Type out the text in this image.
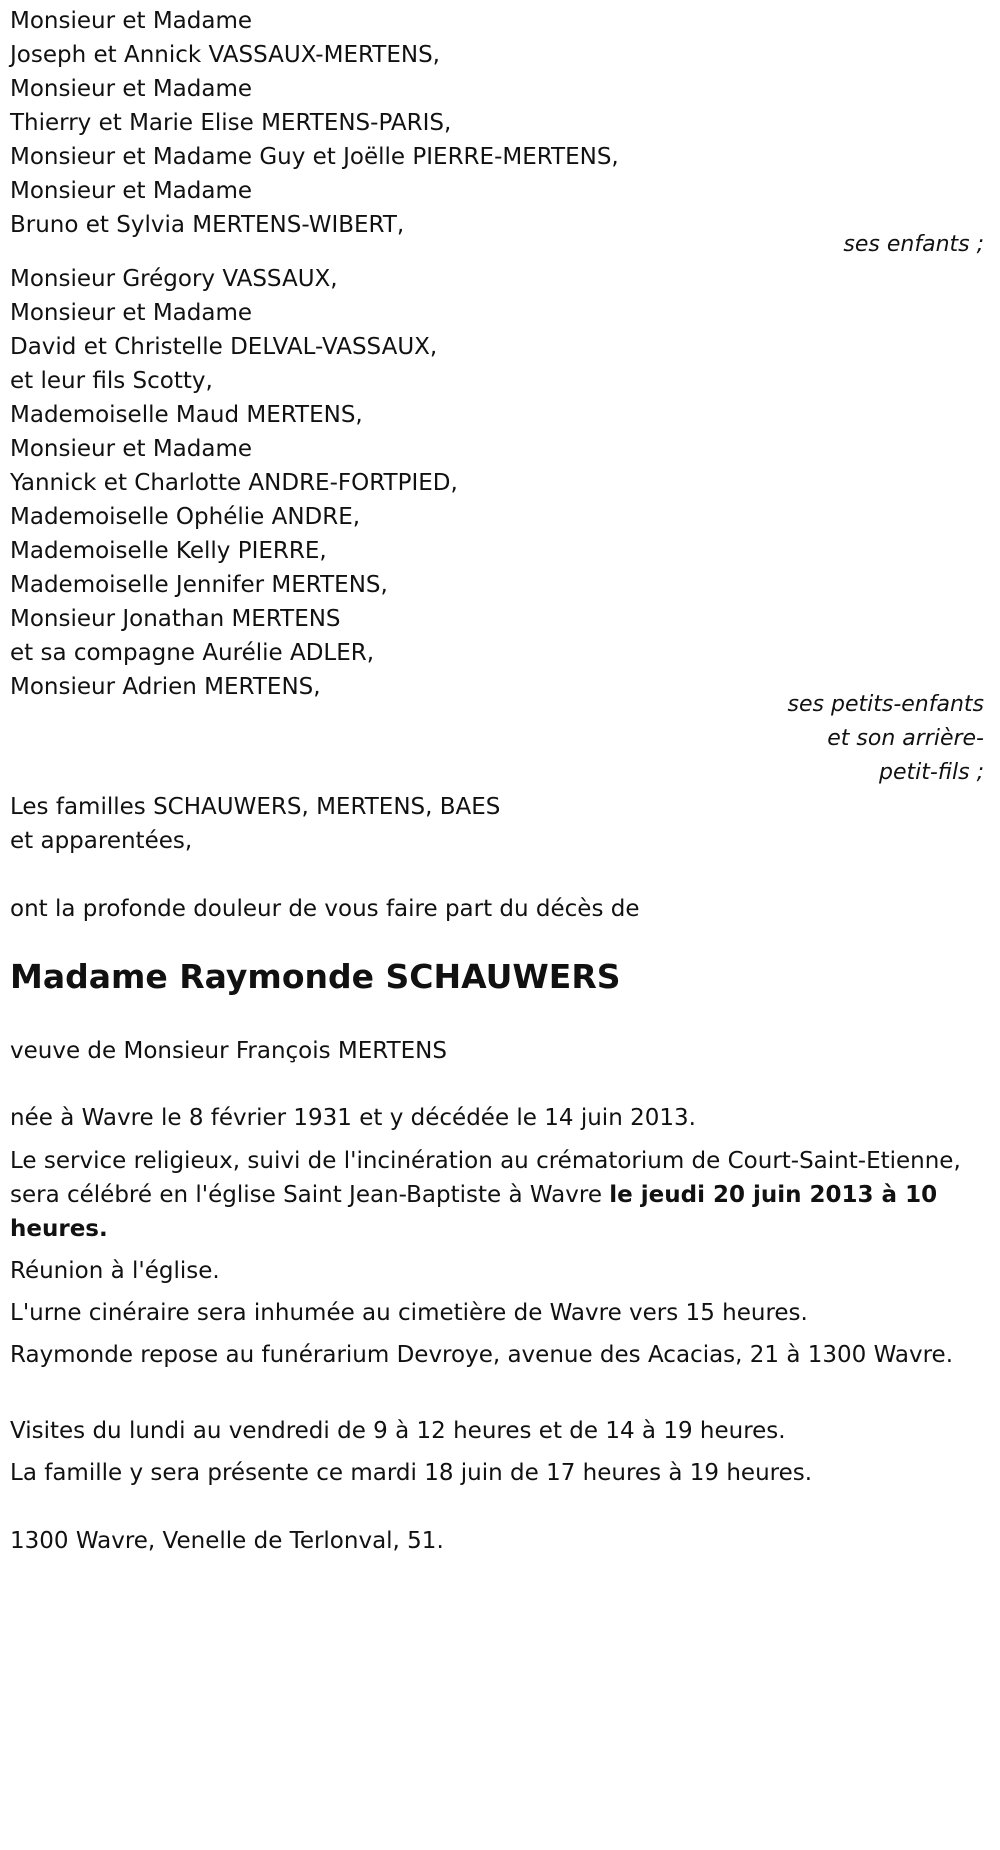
Monsieur et Madame
Joseph et Annick VASSAUX-MERTENS,
Monsieur et Madame
Thierry et Marie Elise MERTENS-PARIS,
Monsieur et Madame Guy et Joëlle PIERRE-MERTENS,
Monsieur et Madame
Bruno et Sylvia MERTENS-WIBERT,
ses enfants ;
Monsieur Grégory VASSAUX,
Monsieur et Madame
David et Christelle DELVAL-VASSAUX,
et leur fils Scotty,
Mademoiselle Maud MERTENS,
Monsieur et Madame
Yannick et Charlotte ANDRE-FORTPIED,
Mademoiselle Ophélie ANDRE,
Mademoiselle Kelly PIERRE,
Mademoiselle Jennifer MERTENS,
Monsieur Jonathan MERTENS
et sa compagne Aurélie ADLER,
Monsieur Adrien MERTENS,
ses petits-enfants
et son arrière-
petit-fils ;
Les familles SCHAUWERS, MERTENS, BAES
et apparentées,
ont la profonde douleur de vous faire part du décès de
Madame Raymonde SCHAUWERS
veuve de Monsieur François MERTENS
née à Wavre le 8 février 1931 et y décédée le 14 juin 2013.
Le service religieux, suivi de l'incinération au crématorium de Court-Saint-Etienne, sera célébré en l'église Saint Jean-Baptiste à Wavre le jeudi 20 juin 2013 à 10 heures.
Réunion à l'église.
L'urne cinéraire sera inhumée au cimetière de Wavre vers 15 heures.
Raymonde repose au funérarium Devroye, avenue des Acacias, 21 à 1300 Wavre.
Visites du lundi au vendredi de 9 à 12 heures et de 14 à 19 heures.
La famille y sera présente ce mardi 18 juin de 17 heures à 19 heures.
1300 Wavre, Venelle de Terlonval, 51.
